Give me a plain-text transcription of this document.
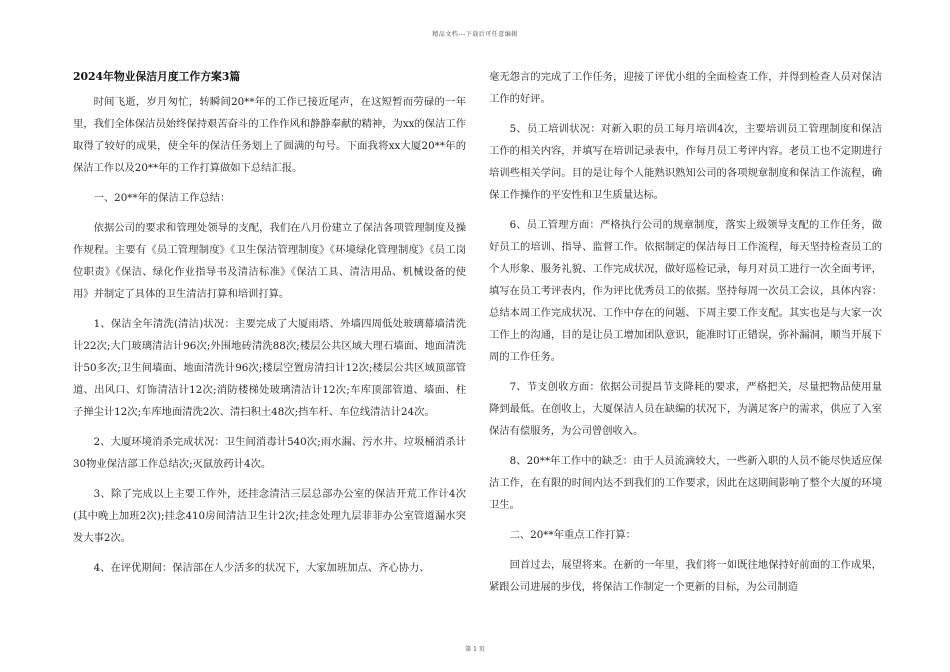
精品文档---下载后可任意编辑
2024年物业保洁月度工作方案3篇

时间飞逝，岁月匆忙，转瞬间20**年的工作已接近尾声，在这短暂而劳碌的一年里，我们全体保洁员始终保持艰苦奋斗的工作作风和静静奉献的精神，为xx的保洁工作取得了较好的成果，使全年的保洁任务划上了圆满的句号。下面我将xx大厦20**年的保洁工作以及20**年的工作打算做如下总结汇报。

一、20**年的保洁工作总结：

依据公司的要求和管理处领导的支配，我们在八月份建立了保洁各项管理制度及操作规程。主要有《员工管理制度》《卫生保洁管理制度》《环境绿化管理制度》《员工岗位职责》《保洁、绿化作业指导书及清洁标准》《保洁工具、清洁用品、机械设备的使用》并制定了具体的卫生清洁打算和培训打算。

1、保洁全年清洗(清洁)状况：主要完成了大厦雨塔、外墙四周低处玻璃幕墙清洗计22次;大门玻璃清洁计96次;外围地砖清洗88次;楼层公共区域大理石墙面、地面清洗计50多次;卫生间墙面、地面清洗计96次;楼层空置房清扫计12次;楼层公共区域顶部管道、出风口、灯饰清洁计12次;消防楼梯处玻璃清洁计12次;车库顶部管道、墙面、柱子掸尘计12次;车库地面清洗2次、清扫积土48次;挡车杆、车位线清洁计24次。

2、大厦环境消杀完成状况：卫生间消毒计540次;雨水漏、污水井、垃圾桶消杀计30物业保洁部工作总结次;灭鼠放药计4次。

3、除了完成以上主要工作外，还挂念清洁三层总部办公室的保洁开荒工作计4次(其中晚上加班2次);挂念410房间清洁卫生计2次;挂念处理九层菲菲办公室管道漏水突发大事2次。

4、在评优期间：保洁部在人少活多的状况下，大家加班加点、齐心协力、

毫无怨言的完成了工作任务，迎接了评优小组的全面检查工作，并得到检查人员对保洁工作的好评。

5、员工培训状况：对新入职的员工每月培训4次，主要培训员工管理制度和保洁工作的相关内容，并填写在培训记录表中，作每月员工考评内容。老员工也不定期进行培训些相关学问。目的是让每个人能熟识熟知公司的各项规章制度和保洁工作流程，确保工作操作的平安性和卫生质量达标。

6、员工管理方面：严格执行公司的规章制度，落实上级领导支配的工作任务，做好员工的培训、指导、监督工作。依据制定的保洁每日工作流程，每天坚持检查员工的个人形象、服务礼貌、工作完成状况，做好巡检记录，每月对员工进行一次全面考评，填写在员工考评表内，作为评比优秀员工的依据。坚持每周一次员工会议，具体内容：总结本周工作完成状况、工作中存在的问题、下周主要工作支配。其实也是与大家一次工作上的沟通，目的是让员工增加团队意识，能准时订正错误，弥补漏洞，顺当开展下周的工作任务。

7、节支创收方面：依据公司提昌节支降耗的要求，严格把关，尽量把物品使用量降到最低。在创收上，大厦保洁人员在缺编的状况下，为满足客户的需求，供应了入室保洁有偿服务，为公司曾创收入。

8、20**年工作中的缺乏：由于人员流滴较大，一些新入职的人员不能尽快适应保洁工作，在有限的时间内达不到我们的工作要求，因此在这期间影响了整个大厦的环境卫生。

二、20**年重点工作打算：

回首过去，展望将来。在新的一年里，我们将一如既往地保持好前面的工作成果，紧跟公司进展的步伐，将保洁工作制定一个更新的目标，为公司制造

第 1 页
